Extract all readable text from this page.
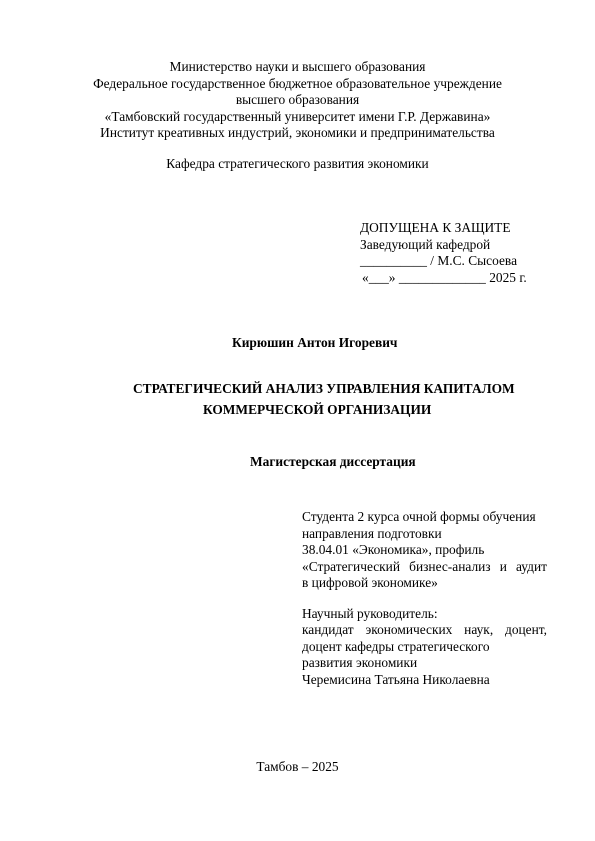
Министерство науки и высшего образования
Федеральное государственное бюджетное образовательное учреждение
высшего образования
«Тамбовский государственный университет имени Г.Р. Державина»
Институт креативных индустрий, экономики и предпринимательства
Кафедра стратегического развития экономики
ДОПУЩЕНА К ЗАЩИТЕ
Заведующий кафедрой
__________ / М.С. Сысоева
«___» _____________ 2025 г.
Кирюшин Антон Игоревич
СТРАТЕГИЧЕСКИЙ АНАЛИЗ УПРАВЛЕНИЯ КАПИТАЛОМ
КОММЕРЧЕСКОЙ ОРГАНИЗАЦИИ
Магистерская диссертация
Студента 2 курса очной формы обучения
направления подготовки
38.04.01 «Экономика», профиль
«Стратегический бизнес-анализ и аудит
в цифровой экономике»
Научный руководитель:
кандидат экономических наук, доцент,
доцент кафедры стратегического
развития экономики
Черемисина Татьяна Николаевна
Тамбов – 2025
